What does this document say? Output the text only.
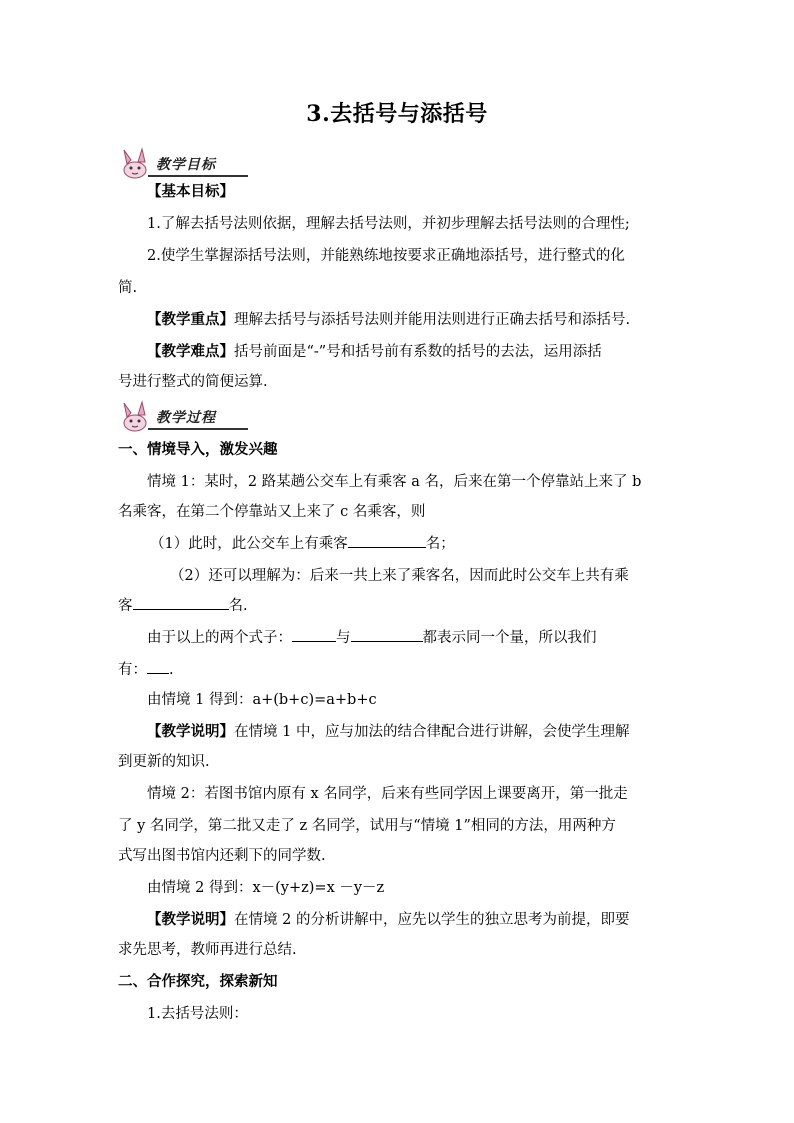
3.去括号与添括号
教学目标

【基本目标】

1.了解去括号法则依据，理解去括号法则，并初步理解去括号法则的合理性;

2.使学生掌握添括号法则，并能熟练地按要求正确地添括号，进行整式的化

简.

【教学重点】理解去括号与添括号法则并能用法则进行正确去括号和添括号.

【教学难点】括号前面是“-”号和括号前有系数的括号的去法，运用添括

号进行整式的简便运算.

教学过程

一、情境导入，激发兴趣

情境 1：某时，2 路某趟公交车上有乘客 a 名，后来在第一个停靠站上来了 b

名乘客，在第二个停靠站又上来了 c 名乘客，则

（1）此时，此公交车上有乘客	名；

（2）还可以理解为：后来一共上来了乘客名，因而此时公交车上共有乘

客	名.

由于以上的两个式子：	与	都表示同一个量，所以我们

有： .

由情境 1 得到：a+(b+c)=a+b+c

【教学说明】在情境 1 中，应与加法的结合律配合进行讲解，会使学生理解

到更新的知识.

情境 2：若图书馆内原有 x 名同学，后来有些同学因上课要离开，第一批走

了 y 名同学，第二批又走了 z 名同学，试用与“情境 1”相同的方法，用两种方

式写出图书馆内还剩下的同学数.

由情境 2 得到：x－(y+z)=x －y－z

【教学说明】在情境 2 的分析讲解中，应先以学生的独立思考为前提，即要

求先思考，教师再进行总结.

二、合作探究，探索新知

1.去括号法则：
